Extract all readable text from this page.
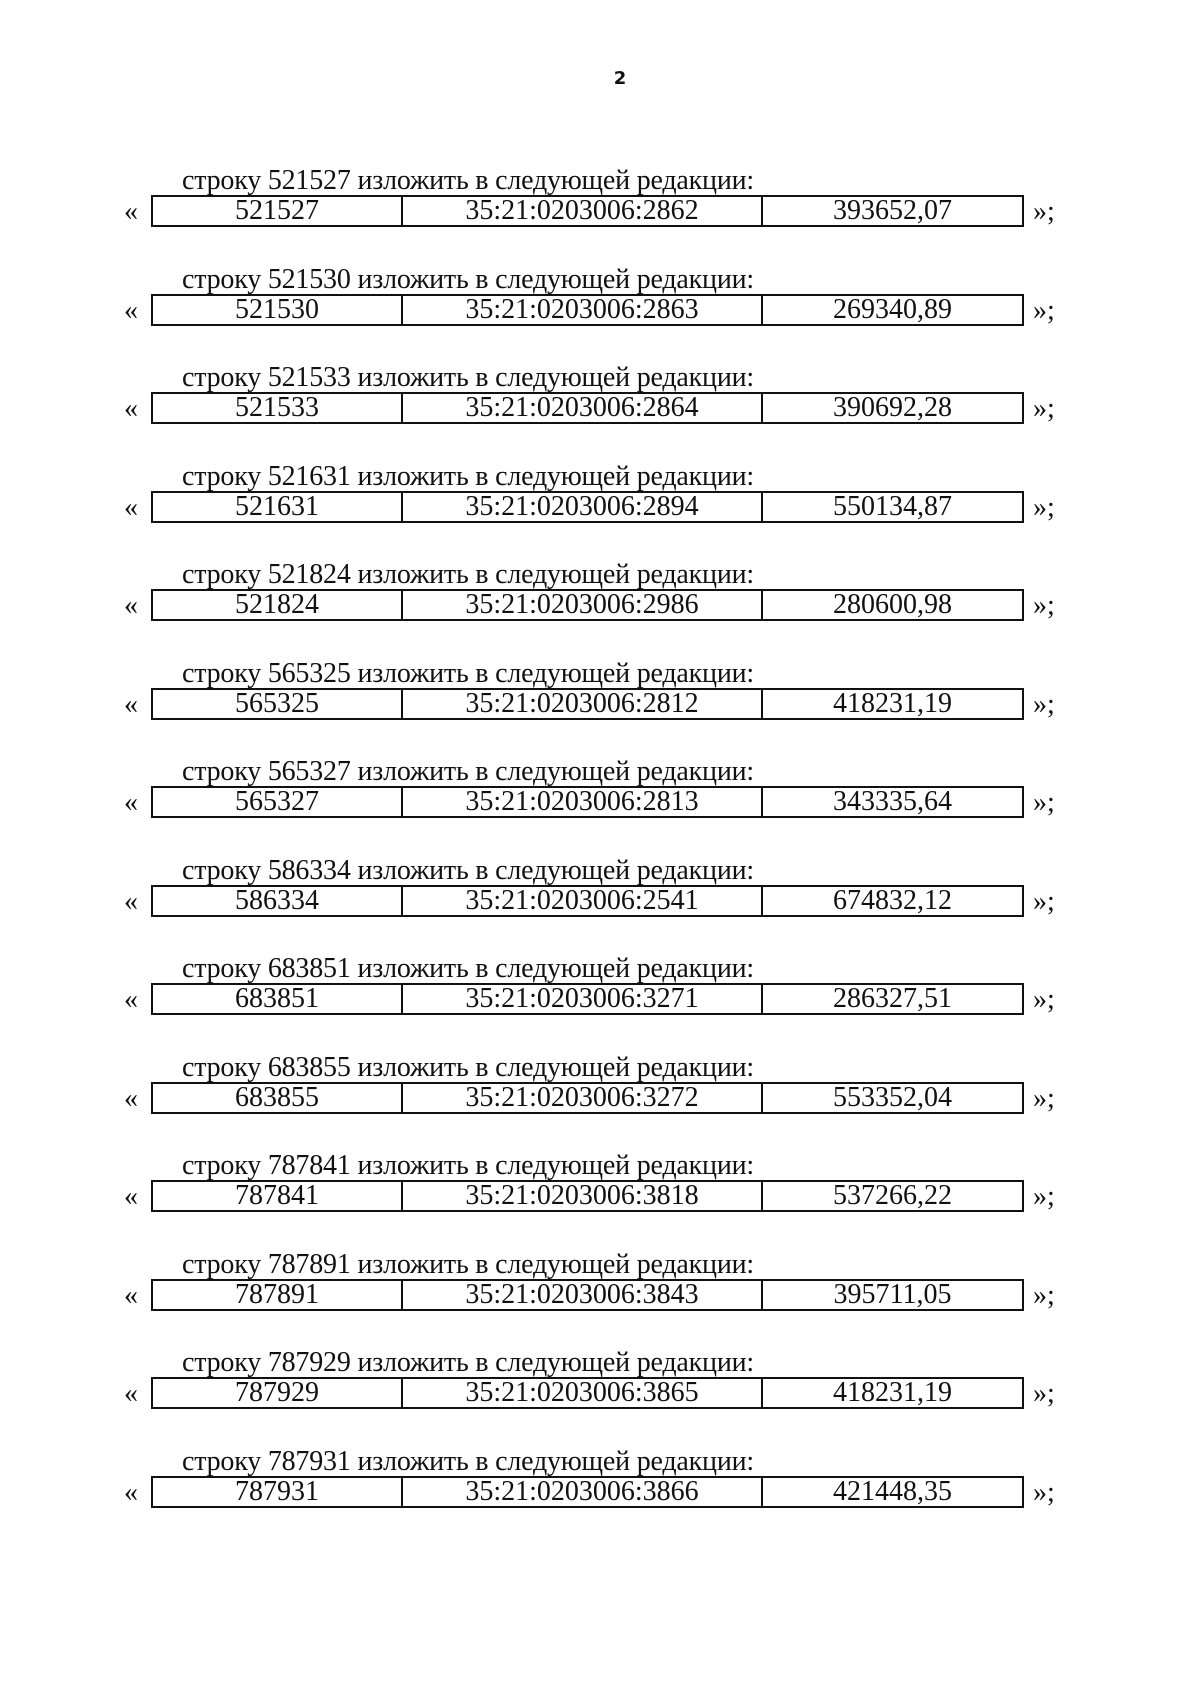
2
строку 521527 изложить в следующей редакции:
«	521527	35:21:0203006:2862	393652,07	»;
строку 521530 изложить в следующей редакции:
«	521530	35:21:0203006:2863	269340,89	»;
строку 521533 изложить в следующей редакции:
«	521533	35:21:0203006:2864	390692,28	»;
строку 521631 изложить в следующей редакции:
«	521631	35:21:0203006:2894	550134,87	»;
строку 521824 изложить в следующей редакции:
«	521824	35:21:0203006:2986	280600,98	»;
строку 565325 изложить в следующей редакции:
«	565325	35:21:0203006:2812	418231,19	»;
строку 565327 изложить в следующей редакции:
«	565327	35:21:0203006:2813	343335,64	»;
строку 586334 изложить в следующей редакции:
«	586334	35:21:0203006:2541	674832,12	»;
строку 683851 изложить в следующей редакции:
«	683851	35:21:0203006:3271	286327,51	»;
строку 683855 изложить в следующей редакции:
«	683855	35:21:0203006:3272	553352,04	»;
строку 787841 изложить в следующей редакции:
«	787841	35:21:0203006:3818	537266,22	»;
строку 787891 изложить в следующей редакции:
«	787891	35:21:0203006:3843	395711,05	»;
строку 787929 изложить в следующей редакции:
«	787929	35:21:0203006:3865	418231,19	»;
строку 787931 изложить в следующей редакции:
«	787931	35:21:0203006:3866	421448,35	»;
